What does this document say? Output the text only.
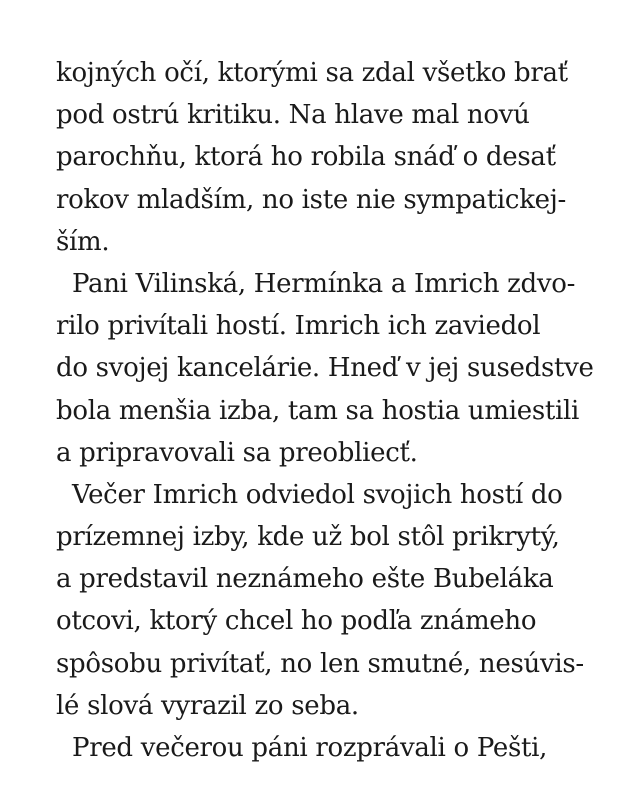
kojných očí, ktorými sa zdal všetko brať
pod ostrú kritiku. Na hlave mal novú
parochňu, ktorá ho robila snáď o desať
rokov mladším, no iste nie sympatickej-
ším.
Pani Vilinská, Hermínka a Imrich zdvo-
rilo privítali hostí. Imrich ich zaviedol
do svojej kancelárie. Hneď v jej susedstve
bola menšia izba, tam sa hostia umiestili
a pripravovali sa preobliecť.
Večer Imrich odviedol svojich hostí do
prízemnej izby, kde už bol stôl prikrytý,
a predstavil neznámeho ešte Bubeláka
otcovi, ktorý chcel ho podľa známeho
spôsobu privítať, no len smutné, nesúvis-
lé slová vyrazil zo seba.
Pred večerou páni rozprávali o Pešti,
